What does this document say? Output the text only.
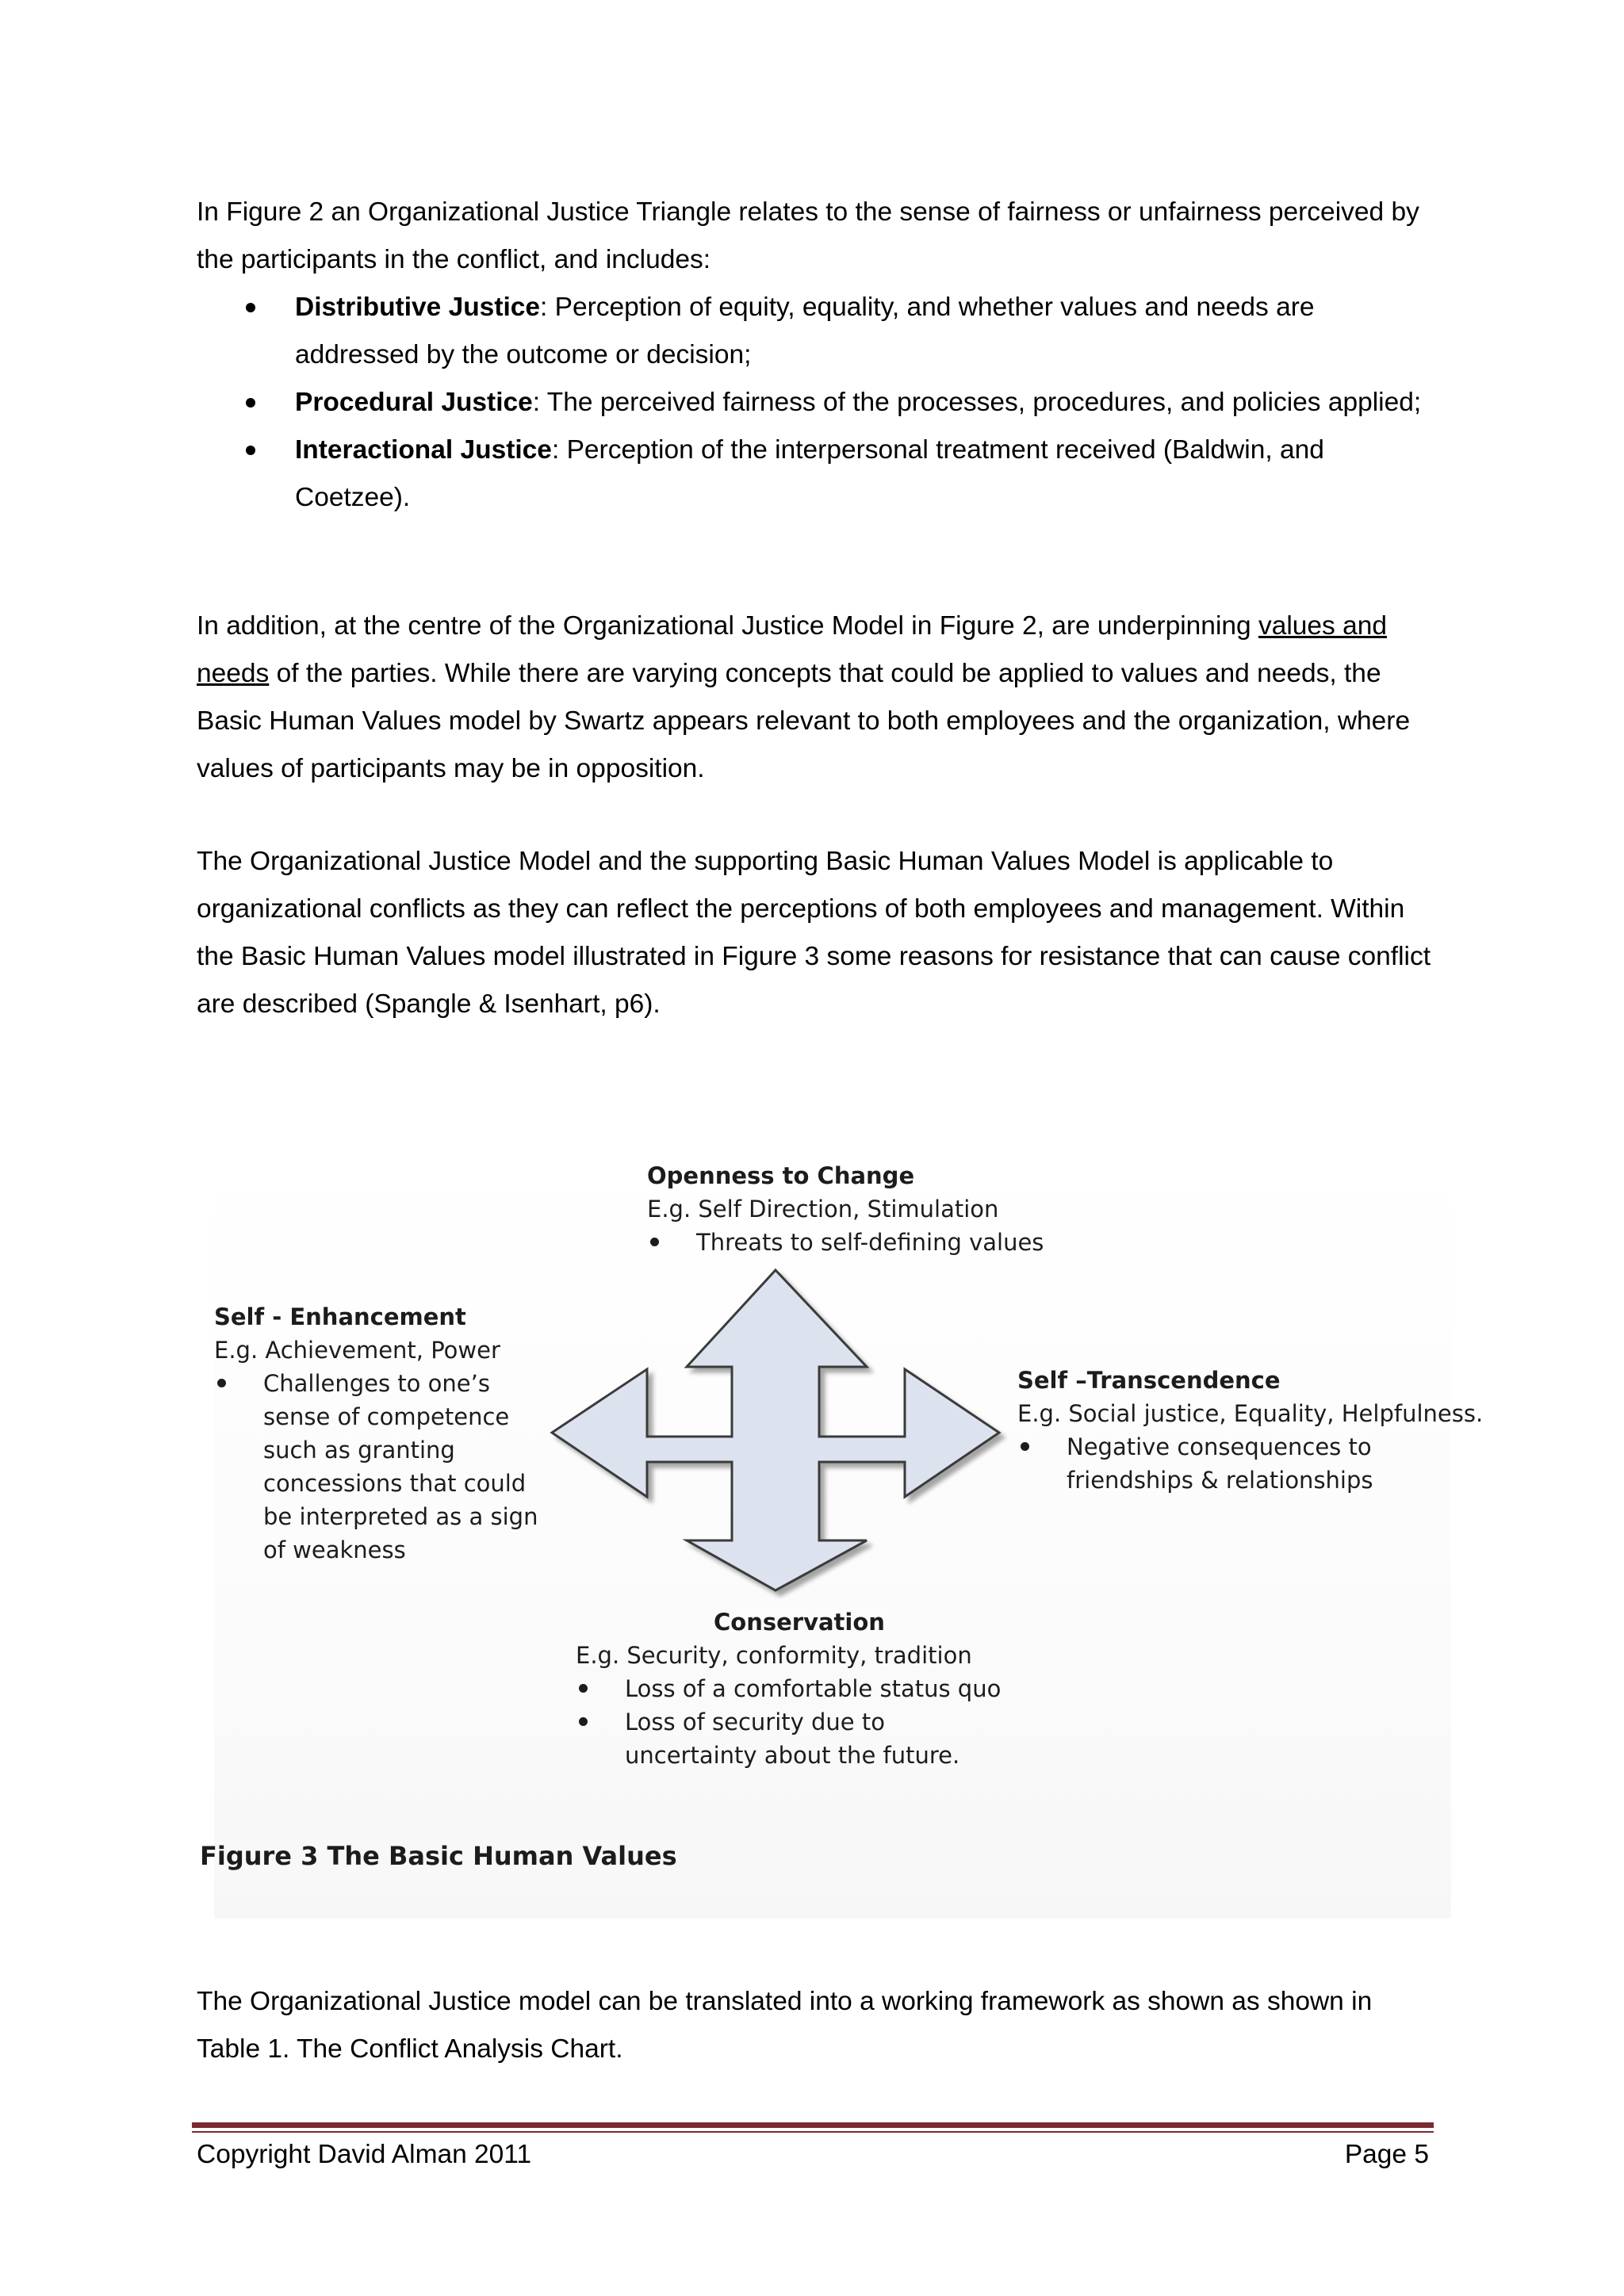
In Figure 2 an Organizational Justice Triangle relates to the sense of fairness or unfairness perceived by the participants in the conflict, and includes:

Distributive Justice: Perception of equity, equality, and whether values and needs are addressed by the outcome or decision;
Procedural Justice: The perceived fairness of the processes, procedures, and policies applied;
Interactional Justice: Perception of the interpersonal treatment received (Baldwin, and Coetzee).

In addition, at the centre of the Organizational Justice Model in Figure 2, are underpinning values and needs of the parties. While there are varying concepts that could be applied to values and needs, the Basic Human Values model by Swartz appears relevant to both employees and the organization, where values of participants may be in opposition.

The Organizational Justice Model and the supporting Basic Human Values Model is applicable to organizational conflicts as they can reflect the perceptions of both employees and management. Within the Basic Human Values model illustrated in Figure 3 some reasons for resistance that can cause conflict are described (Spangle & Isenhart, p6).

Openness to Change
E.g. Self Direction, Stimulation
Threats to self-defining values
Self - Enhancement
E.g. Achievement, Power
Challenges to one’s sense of competence such as granting concessions that could be interpreted as a sign of weakness
Self –Transcendence
E.g. Social justice, Equality, Helpfulness.
Negative consequences to friendships & relationships
Conservation
E.g. Security, conformity, tradition
Loss of a comfortable status quo
Loss of security due to uncertainty about the future.
Figure 3 The Basic Human Values

The Organizational Justice model can be translated into a working framework as shown as shown in Table 1. The Conflict Analysis Chart.

Copyright David Alman 2011	Page 5
